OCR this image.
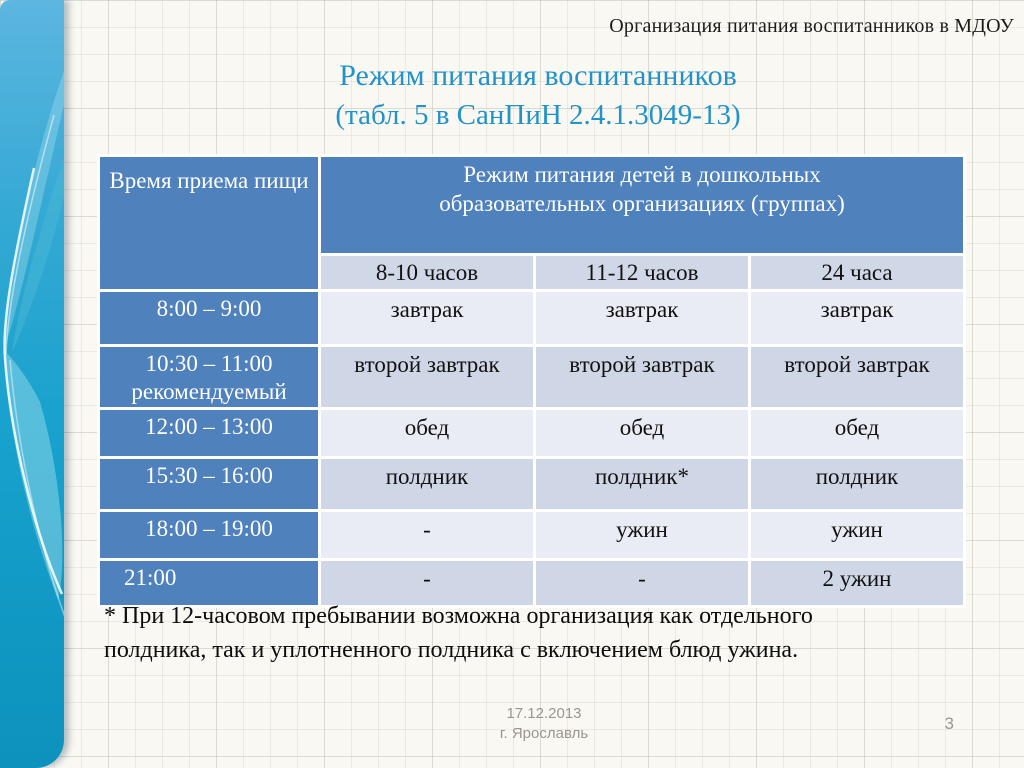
Организация питания воспитанников в МДОУ
Режим питания воспитанников
(табл. 5 в СанПиН 2.4.1.3049-13)
Время приема пищи	Режим питания детей в дошкольных
образовательных организациях (группах)		

	8-10 часов	11-12 часов	24 часа
8:00 – 9:00	завтрак	завтрак	завтрак

10:30 – 11:00
рекомендуемый	второй завтрак	второй завтрак	второй завтрак
12:00 – 13:00	обед	обед	обед
15:30 – 16:00	полдник	полдник*	полдник
18:00 – 19:00	-	ужин	ужин
21:00	-	-	2 ужин
* При 12-часовом пребывании возможна организация как отдельного
полдника, так и уплотненного полдника с включением блюд ужина.
17.12.2013
г. Ярославль
3
